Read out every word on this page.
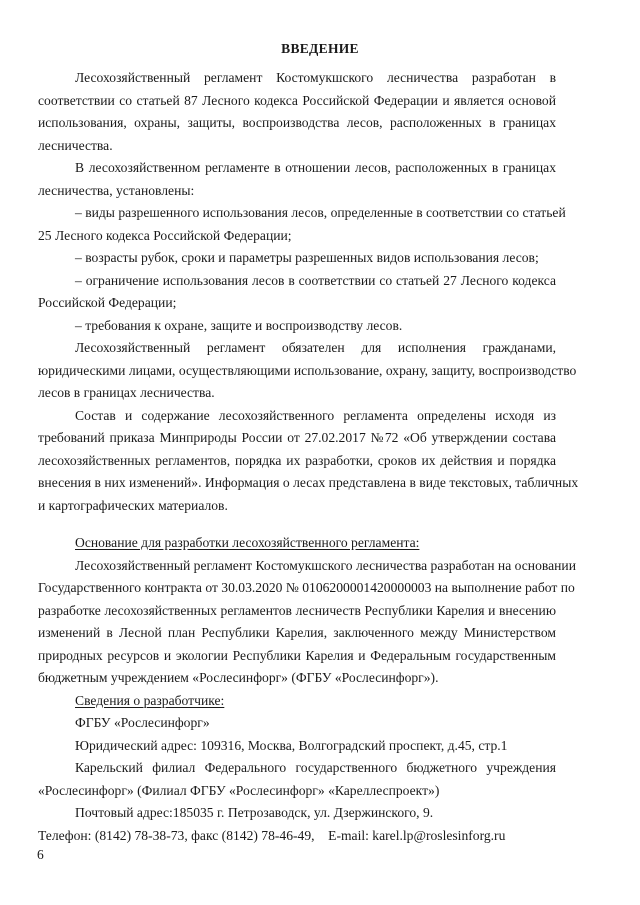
ВВЕДЕНИЕ
Лесохозяйственный регламент Костомукшского лесничества разработан в
соответствии со статьей 87 Лесного кодекса Российской Федерации и является основой
использования, охраны, защиты, воспроизводства лесов, расположенных в границах
лесничества.
В лесохозяйственном регламенте в отношении лесов, расположенных в границах
лесничества, установлены:
– виды разрешенного использования лесов, определенные в соответствии со статьей
25 Лесного кодекса Российской Федерации;
– возрасты рубок, сроки и параметры разрешенных видов использования лесов;
– ограничение использования лесов в соответствии со статьей 27 Лесного кодекса
Российской Федерации;
– требования к охране, защите и воспроизводству лесов.
Лесохозяйственный регламент обязателен для исполнения гражданами,
юридическими лицами, осуществляющими использование, охрану, защиту, воспроизводство
лесов в границах лесничества.
Состав и содержание лесохозяйственного регламента определены исходя из
требований приказа Минприроды России от 27.02.2017 №72 «Об утверждении состава
лесохозяйственных регламентов, порядка их разработки, сроков их действия и порядка
внесения в них изменений». Информация о лесах представлена в виде текстовых, табличных
и картографических материалов.
Основание для разработки лесохозяйственного регламента:
Лесохозяйственный регламент Костомукшского лесничества разработан на основании
Государственного контракта от 30.03.2020 № 0106200001420000003 на выполнение работ по
разработке лесохозяйственных регламентов лесничеств Республики Карелия и внесению
изменений в Лесной план Республики Карелия, заключенного между Министерством
природных ресурсов и экологии Республики Карелия и Федеральным государственным
бюджетным учреждением «Рослесинфорг» (ФГБУ «Рослесинфорг»).
Сведения о разработчике:
ФГБУ «Рослесинфорг»
Юридический адрес: 109316, Москва, Волгоградский проспект, д.45, стр.1
Карельский филиал Федерального государственного бюджетного учреждения
«Рослесинфорг» (Филиал ФГБУ «Рослесинфорг» «Кареллеспроект»)
Почтовый адрес:185035 г. Петрозаводск, ул. Дзержинского, 9.
Телефон: (8142) 78-38-73, факс (8142) 78-46-49,    E-mail: karel.lp@roslesinforg.ru
6
